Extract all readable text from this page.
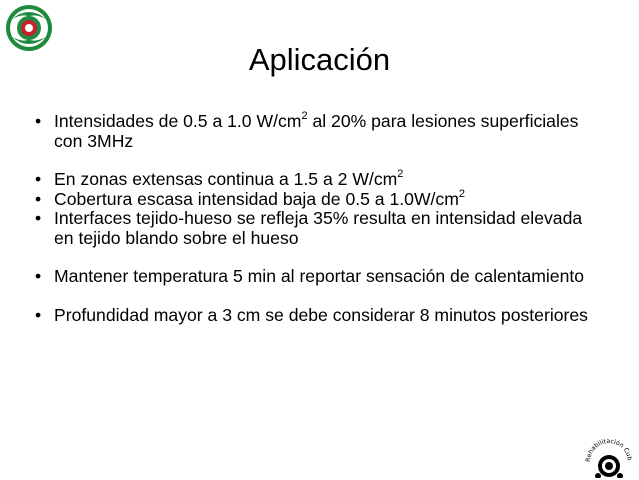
Aplicación
• Intensidades de 0.5 a 1.0 $W/cm^2$ al 20% para lesiones superficiales con 3MHz
• En zonas extensas continua a 1.5 a 2 $W/cm^2$
• Cobertura escasa intensidad baja de 0.5 a $1.0W/cm^2$
• Interfaces tejido-hueso se refleja 35% resulta en intensidad elevada en tejido blando sobre el hueso
• Mantener temperatura 5 min al reportar sensación de calentamiento
• Profundidad mayor a 3 cm se debe considerar 8 minutos posteriores
Rehabilitación Cub
